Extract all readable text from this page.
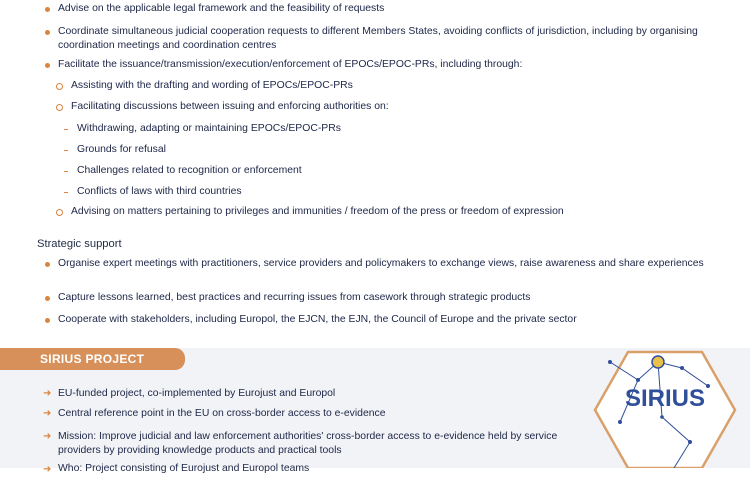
Advise on the applicable legal framework and the feasibility of requests
Coordinate simultaneous judicial cooperation requests to different Members States, avoiding conflicts of jurisdiction, including by organising coordination meetings and coordination centres
Facilitate the issuance/transmission/execution/enforcement of EPOCs/EPOC-PRs, including through:
Assisting with the drafting and wording of EPOCs/EPOC-PRs
Facilitating discussions between issuing and enforcing authorities on:
Withdrawing, adapting or maintaining EPOCs/EPOC-PRs
Grounds for refusal
Challenges related to recognition or enforcement
Conflicts of laws with third countries
Advising on matters pertaining to privileges and immunities / freedom of the press or freedom of expression
Strategic support
Organise expert meetings with practitioners, service providers and policymakers to exchange views, raise awareness and share experiences
Capture lessons learned, best practices and recurring issues from casework through strategic products
Cooperate with stakeholders, including Europol, the EJCN, the EJN, the Council of Europe and the private sector
SIRIUS PROJECT
➜ EU-funded project, co-implemented by Eurojust and Europol
➜ Central reference point in the EU on cross-border access to e-evidence
➜ Mission: Improve judicial and law enforcement authorities' cross-border access to e-evidence held by service providers by providing knowledge products and practical tools
➜ Who: Project consisting of Eurojust and Europol teams
SIRIUS
